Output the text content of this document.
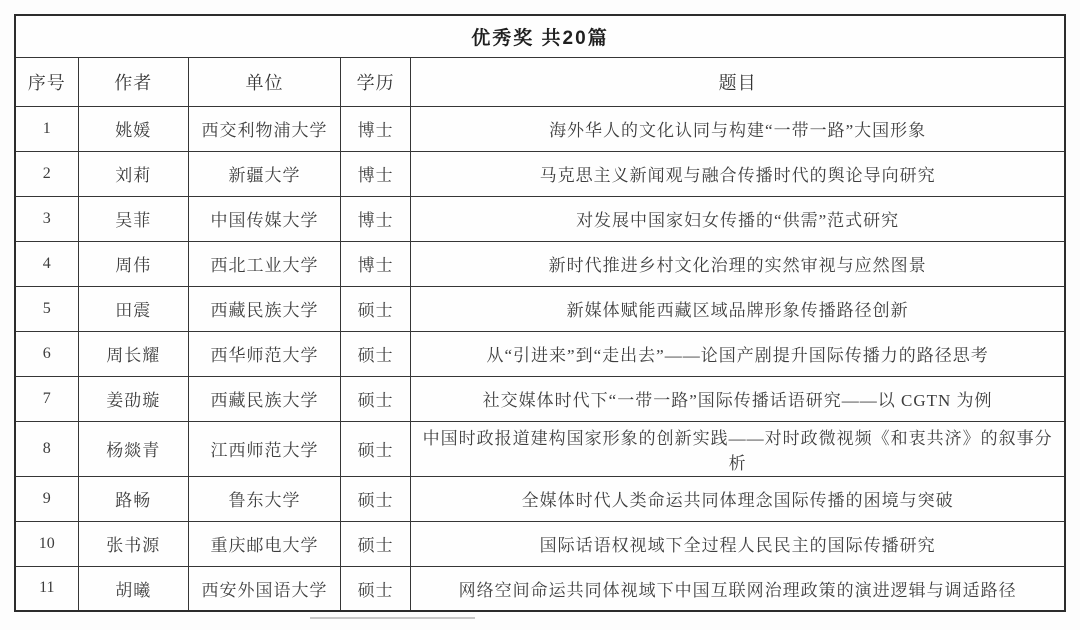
优秀奖 共20篇				
序号	作者	单位	学历	题目
1	姚媛	西交利物浦大学	博士	海外华人的文化认同与构建“一带一路”大国形象
2	刘莉	新疆大学	博士	马克思主义新闻观与融合传播时代的舆论导向研究
3	吴菲	中国传媒大学	博士	对发展中国家妇女传播的“供需”范式研究
4	周伟	西北工业大学	博士	新时代推进乡村文化治理的实然审视与应然图景
5	田震	西藏民族大学	硕士	新媒体赋能西藏区域品牌形象传播路径创新
6	周长耀	西华师范大学	硕士	从“引进来”到“走出去”——论国产剧提升国际传播力的路径思考
7	姜劭璇	西藏民族大学	硕士	社交媒体时代下“一带一路”国际传播话语研究——以 CGTN 为例
8	杨燚青	江西师范大学	硕士	中国时政报道建构国家形象的创新实践——对时政微视频《和衷共济》的叙事分析
9	路畅	鲁东大学	硕士	全媒体时代人类命运共同体理念国际传播的困境与突破
10	张书源	重庆邮电大学	硕士	国际话语权视域下全过程人民民主的国际传播研究
11	胡曦	西安外国语大学	硕士	网络空间命运共同体视域下中国互联网治理政策的演进逻辑与调适路径
